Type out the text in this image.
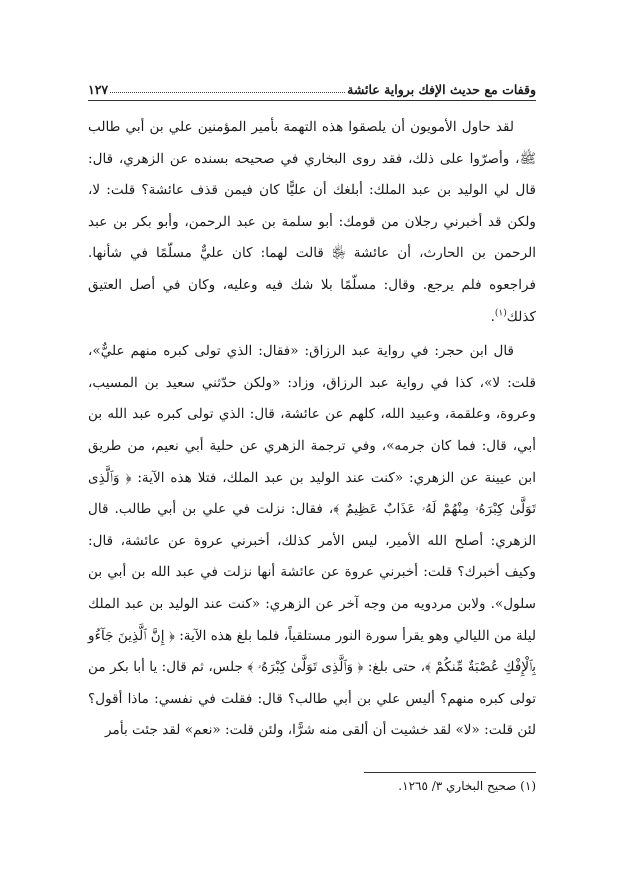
وقفات مع حديث الإفك برواية عائشة
١٢٧

لقد حاول الأمويون أن يلصقوا هذه التهمة بأمير المؤمنين علي بن أبي طالب ﷺ، وأصرّوا على ذلك، فقد روى البخاري في صحيحه بسنده عن الزهري، قال: قال لي الوليد بن عبد الملك: أبلغك أن عليًّا كان فيمن قذف عائشة؟ قلت: لا، ولكن قد أخبرني رجلان من قومك: أبو سلمة بن عبد الرحمن، وأبو بكر بن عبد الرحمن بن الحارث، أن عائشة ﵂ قالت لهما: كان عليٌّ مسلّمًا في شأنها. فراجعوه فلم يرجع. وقال: مسلّمًا بلا شك فيه وعليه، وكان في أصل العتيق كذلك$^{(١)}$.

قال ابن حجر: في رواية عبد الرزاق: «فقال: الذي تولى كبره منهم عليٌّ»، قلت: لا»، كذا في رواية عبد الرزاق، وزاد: «ولكن حدّثني سعيد بن المسيب، وعروة، وعلقمة، وعبيد الله، كلهم عن عائشة، قال: الذي تولى كبره عبد الله بن أبي، قال: فما كان جرمه»، وفي ترجمة الزهري عن حلية أبي نعيم، من طريق ابن عيينة عن الزهري: «كنت عند الوليد بن عبد الملك، فتلا هذه الآية: ﴿ وَٱلَّذِى تَوَلَّىٰ كِبْرَهُۥ مِنْهُمْ لَهُۥ عَذَابٌ عَظِيمٌ ﴾، فقال: نزلت في علي بن أبي طالب. قال الزهري: أصلح الله الأمير، ليس الأمر كذلك، أخبرني عروة عن عائشة، قال: وكيف أخبرك؟ قلت: أخبرني عروة عن عائشة أنها نزلت في عبد الله بن أبي بن سلول». ولابن مردويه من وجه آخر عن الزهري: «كنت عند الوليد بن عبد الملك ليلة من الليالي وهو يقرأ سورة النور مستلقياً، فلما بلغ هذه الآية: ﴿ إِنَّ ٱلَّذِينَ جَآءُو بِٱلْإِفْكِ عُصْبَةٌ مِّنكُمْ ﴾، حتى بلغ: ﴿ وَٱلَّذِى تَوَلَّىٰ كِبْرَهُۥ ﴾ جلس، ثم قال: يا أبا بكر من تولى كبره منهم؟ أليس علي بن أبي طالب؟ قال: فقلت في نفسي: ماذا أقول؟ لئن قلت: «لا» لقد خشيت أن ألقى منه شرًّا، ولئن قلت: «نعم» لقد جئت بأمر

(١) صحيح البخاري ٣/ ١٢٦٥.
